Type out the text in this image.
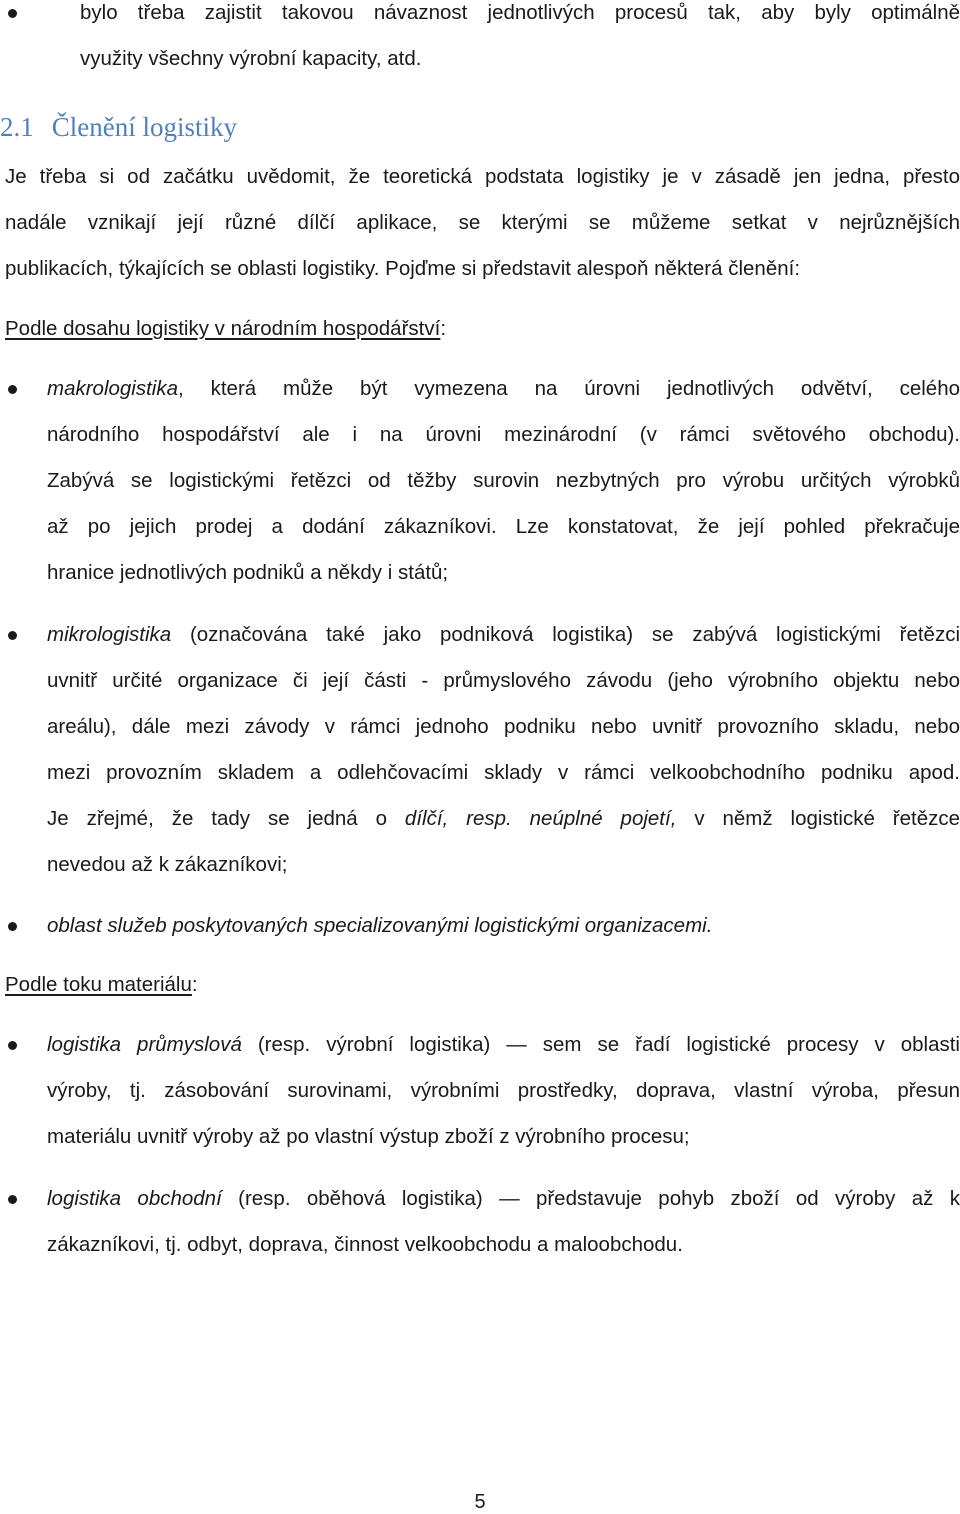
bylo třeba zajistit takovou návaznost jednotlivých procesů tak, aby byly optimálně
využity všechny výrobní kapacity, atd.
2.1 Členění logistiky
Je třeba si od začátku uvědomit, že teoretická podstata logistiky je v zásadě jen jedna, přesto
nadále vznikají její různé dílčí aplikace, se kterými se můžeme setkat v nejrůznějších
publikacích, týkajících se oblasti logistiky. Pojďme si představit alespoň některá členění:
Podle dosahu logistiky v národním hospodářství:
makrologistika, která může být vymezena na úrovni jednotlivých odvětví, celého
národního hospodářství ale i na úrovni mezinárodní (v rámci světového obchodu).
Zabývá se logistickými řetězci od těžby surovin nezbytných pro výrobu určitých výrobků
až po jejich prodej a dodání zákazníkovi. Lze konstatovat, že její pohled překračuje
hranice jednotlivých podniků a někdy i států;
mikrologistika (označována také jako podniková logistika) se zabývá logistickými řetězci
uvnitř určité organizace či její části - průmyslového závodu (jeho výrobního objektu nebo
areálu), dále mezi závody v rámci jednoho podniku nebo uvnitř provozního skladu, nebo
mezi provozním skladem a odlehčovacími sklady v rámci velkoobchodního podniku apod.
Je zřejmé, že tady se jedná o dílčí, resp. neúplné pojetí, v němž logistické řetězce
nevedou až k zákazníkovi;
oblast služeb poskytovaných specializovanými logistickými organizacemi.
Podle toku materiálu:
logistika průmyslová (resp. výrobní logistika) — sem se řadí logistické procesy v oblasti
výroby, tj. zásobování surovinami, výrobními prostředky, doprava, vlastní výroba, přesun
materiálu uvnitř výroby až po vlastní výstup zboží z výrobního procesu;
logistika obchodní (resp. oběhová logistika) — představuje pohyb zboží od výroby až k
zákazníkovi, tj. odbyt, doprava, činnost velkoobchodu a maloobchodu.
5
